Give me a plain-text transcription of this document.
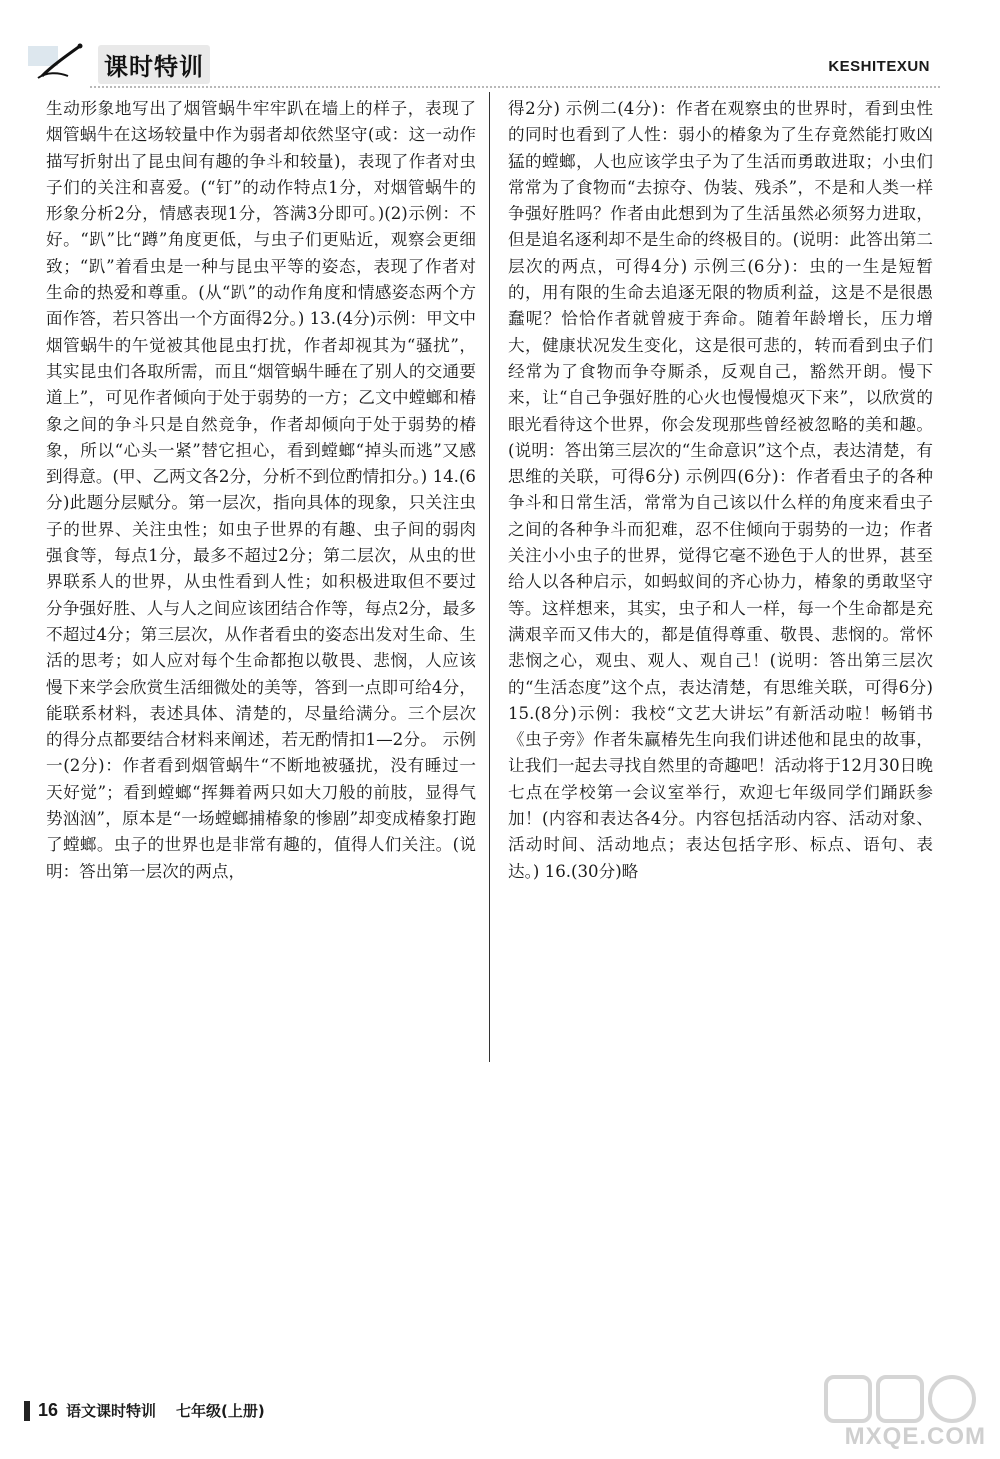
课时特训	KESHITEXUN
生动形象地写出了烟管蜗牛牢牢趴在墙上的样子，表现了烟管蜗牛在这场较量中作为弱者却依然坚守(或：这一动作描写折射出了昆虫间有趣的争斗和较量)，表现了作者对虫子们的关注和喜爱。(“钉”的动作特点1分，对烟管蜗牛的形象分析2分，情感表现1分，答满3分即可。)(2)示例：不好。“趴”比“蹲”角度更低，与虫子们更贴近，观察会更细致；“趴”着看虫是一种与昆虫平等的姿态，表现了作者对生命的热爱和尊重。(从“趴”的动作角度和情感姿态两个方面作答，若只答出一个方面得2分。) 13.(4分)示例：甲文中烟管蜗牛的午觉被其他昆虫打扰，作者却视其为“骚扰”，其实昆虫们各取所需，而且“烟管蜗牛睡在了别人的交通要道上”，可见作者倾向于处于弱势的一方；乙文中螳螂和椿象之间的争斗只是自然竞争，作者却倾向于处于弱势的椿象，所以“心头一紧”替它担心，看到螳螂“掉头而逃”又感到得意。(甲、乙两文各2分，分析不到位酌情扣分。) 14.(6分)此题分层赋分。第一层次，指向具体的现象，只关注虫子的世界、关注虫性；如虫子世界的有趣、虫子间的弱肉强食等，每点1分，最多不超过2分；第二层次，从虫的世界联系人的世界，从虫性看到人性；如积极进取但不要过分争强好胜、人与人之间应该团结合作等，每点2分，最多不超过4分；第三层次，从作者看虫的姿态出发对生命、生活的思考；如人应对每个生命都抱以敬畏、悲悯，人应该慢下来学会欣赏生活细微处的美等，答到一点即可给4分，能联系材料，表述具体、清楚的，尽量给满分。三个层次的得分点都要结合材料来阐述，若无酌情扣1—2分。 示例一(2分)：作者看到烟管蜗牛“不断地被骚扰，没有睡过一天好觉”；看到螳螂“挥舞着两只如大刀般的前肢，显得气势汹汹”，原本是“一场螳螂捕椿象的惨剧”却变成椿象打跑了螳螂。虫子的世界也是非常有趣的，值得人们关注。(说明：答出第一层次的两点，
得2分) 示例二(4分)：作者在观察虫的世界时，看到虫性的同时也看到了人性：弱小的椿象为了生存竟然能打败凶猛的螳螂，人也应该学虫子为了生活而勇敢进取；小虫们常常为了食物而“去掠夺、伪装、残杀”，不是和人类一样争强好胜吗？作者由此想到为了生活虽然必须努力进取，但是追名逐利却不是生命的终极目的。(说明：此答出第二层次的两点，可得4分) 示例三(6分)：虫的一生是短暂的，用有限的生命去追逐无限的物质利益，这是不是很愚蠢呢？恰恰作者就曾疲于奔命。随着年龄增长，压力增大，健康状况发生变化，这是很可悲的，转而看到虫子们经常为了食物而争夺厮杀，反观自己，豁然开朗。慢下来，让“自己争强好胜的心火也慢慢熄灭下来”，以欣赏的眼光看待这个世界，你会发现那些曾经被忽略的美和趣。(说明：答出第三层次的“生命意识”这个点，表达清楚，有思维的关联，可得6分) 示例四(6分)：作者看虫子的各种争斗和日常生活，常常为自己该以什么样的角度来看虫子之间的各种争斗而犯难，忍不住倾向于弱势的一边；作者关注小小虫子的世界，觉得它毫不逊色于人的世界，甚至给人以各种启示，如蚂蚁间的齐心协力，椿象的勇敢坚守等。这样想来，其实，虫子和人一样，每一个生命都是充满艰辛而又伟大的，都是值得尊重、敬畏、悲悯的。常怀悲悯之心，观虫、观人、观自己！(说明：答出第三层次的“生活态度”这个点，表达清楚，有思维关联，可得6分) 15.(8分)示例：我校“文艺大讲坛”有新活动啦！畅销书《虫子旁》作者朱赢椿先生向我们讲述他和昆虫的故事，让我们一起去寻找自然里的奇趣吧！活动将于12月30日晚七点在学校第一会议室举行，欢迎七年级同学们踊跃参加！(内容和表达各4分。内容包括活动内容、活动对象、活动时间、活动地点；表达包括字形、标点、语句、表达。) 16.(30分)略
16 语文课时特训 七年级(上册)
MXQE.COM
